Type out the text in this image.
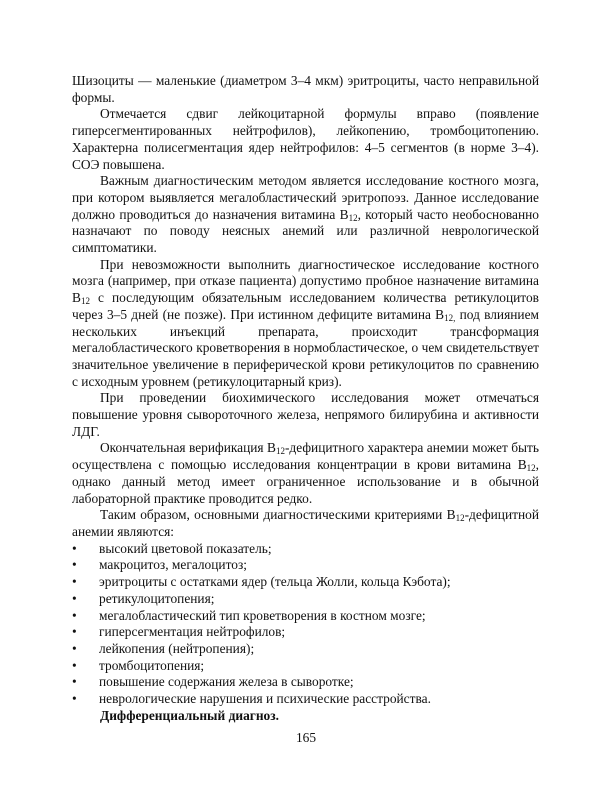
Шизоциты — маленькие (диаметром 3–4 мкм) эритроциты, часто неправильной формы.

Отмечается сдвиг лейкоцитарной формулы вправо (появление гиперсегментированных нейтрофилов), лейкопению, тромбоцитопению. Характерна полисегментация ядер нейтрофилов: 4–5 сегментов (в норме 3–4). СОЭ повышена.

Важным диагностическим методом является исследование костного мозга, при котором выявляется мегалобластический эритропоэз. Данное исследование должно проводиться до назначения витамина $В_{12}$, который часто необоснованно назначают по поводу неясных анемий или различной неврологической симптоматики.

При невозможности выполнить диагностическое исследование костного мозга (например, при отказе пациента) допустимо пробное назначение витамина $В_{12}$ с последующим обязательным исследованием количества ретикулоцитов через 3–5 дней (не позже). При истинном дефиците витамина $В_{12,}$ под влиянием нескольких инъекций препарата, происходит трансформация мегалобластического кроветворения в нормобластическое, о чем свидетельствует значительное увеличение в периферической крови ретикулоцитов по сравнению с исходным уровнем (ретикулоцитарный криз).

При проведении биохимического исследования может отмечаться повышение уровня сывороточного железа, непрямого билирубина и активности ЛДГ.

Окончательная верификация $В_{12}$-дефицитного характера анемии может быть осуществлена с помощью исследования концентрации в крови витамина $В_{12}$, однако данный метод имеет ограниченное использование и в обычной лабораторной практике проводится редко.

Таким образом, основными диагностическими критериями $В_{12}$-дефицитной анемии являются:

•	высокий цветовой показатель;
•	макроцитоз, мегалоцитоз;
•	эритроциты с остатками ядер (тельца Жолли, кольца Кэбота);
•	ретикулоцитопения;
•	мегалобластический тип кроветворения в костном мозге;
•	гиперсегментация нейтрофилов;
•	лейкопения (нейтропения);
•	тромбоцитопения;
•	повышение содержания железа в сыворотке;
•	неврологические нарушения и психические расстройства.

Дифференциальный диагноз.

165
